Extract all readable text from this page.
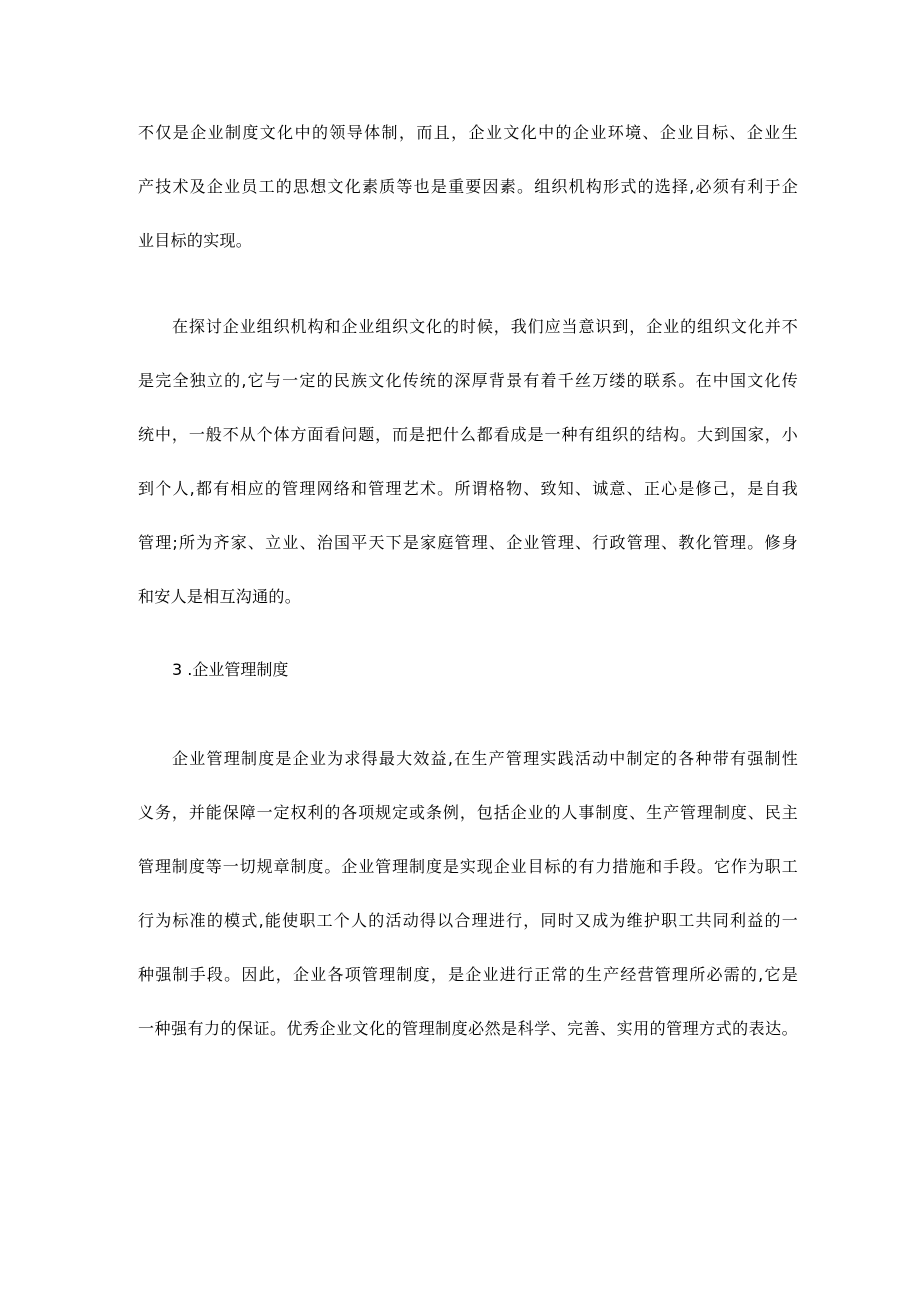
不仅是企业制度文化中的领导体制，而且，企业文化中的企业环境、企业目标、企业生
产技术及企业员工的思想文化素质等也是重要因素。组织机构形式的选择,必须有利于企
业目标的实现。
在探讨企业组织机构和企业组织文化的时候，我们应当意识到，企业的组织文化并不
是完全独立的,它与一定的民族文化传统的深厚背景有着千丝万缕的联系。在中国文化传
统中，一般不从个体方面看问题，而是把什么都看成是一种有组织的结构。大到国家，小
到个人,都有相应的管理网络和管理艺术。所谓格物、致知、诚意、正心是修己，是自我
管理;所为齐家、立业、治国平天下是家庭管理、企业管理、行政管理、教化管理。修身
和安人是相互沟通的。
3 .企业管理制度
企业管理制度是企业为求得最大效益,在生产管理实践活动中制定的各种带有强制性
义务，并能保障一定权利的各项规定或条例，包括企业的人事制度、生产管理制度、民主
管理制度等一切规章制度。企业管理制度是实现企业目标的有力措施和手段。它作为职工
行为标准的模式,能使职工个人的活动得以合理进行，同时又成为维护职工共同利益的一
种强制手段。因此，企业各项管理制度，是企业进行正常的生产经营管理所必需的,它是
一种强有力的保证。优秀企业文化的管理制度必然是科学、完善、实用的管理方式的表达。
